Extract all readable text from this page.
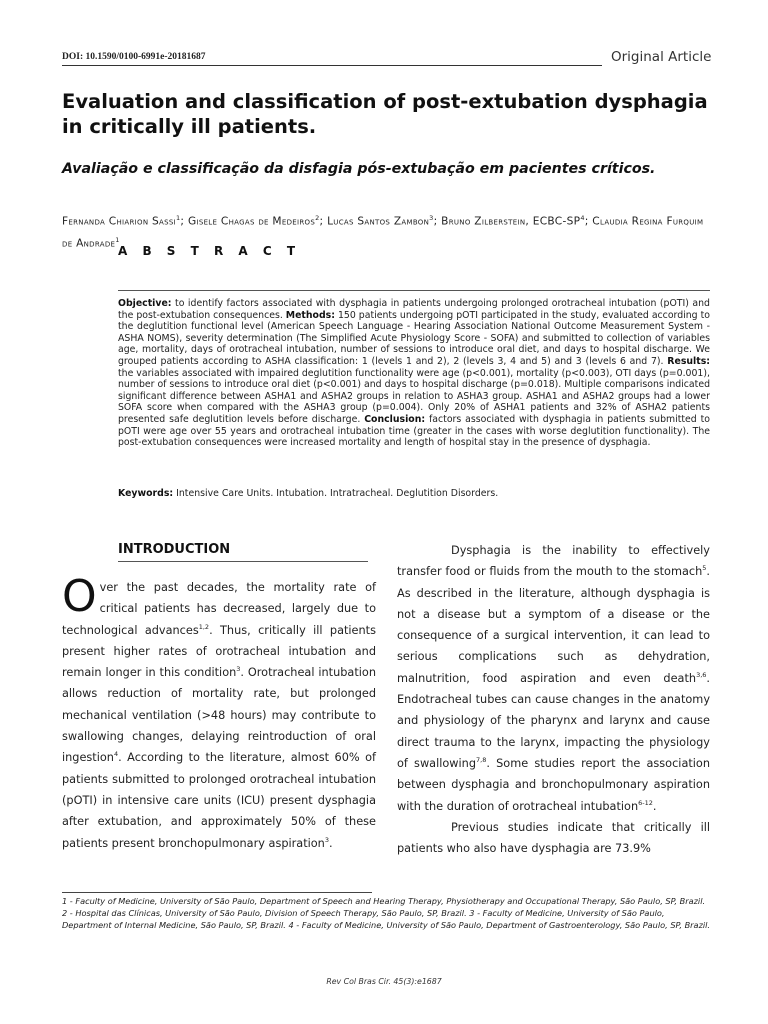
DOI: 10.1590/0100-6991e-20181687	Original Article
Evaluation and classification of post-extubation dysphagia in critically ill patients.
Avaliação e classificação da disfagia pós-extubação em pacientes críticos.
Fernanda Chiarion Sassi$^1$; Gisele Chagas de Medeiros$^2$; Lucas Santos Zambon$^3$; Bruno Zilberstein, ECBC-$SP^4$; Claudia Regina Furquim de Andrade$^1$
A B S T R A C T
Objective: to identify factors associated with dysphagia in patients undergoing prolonged orotracheal intubation (pOTI) and the post-extubation consequences. Methods: 150 patients undergoing pOTI participated in the study, evaluated according to the deglutition functional level (American Speech Language - Hearing Association National Outcome Measurement System - ASHA NOMS), severity determination (The Simplified Acute Physiology Score - SOFA) and submitted to collection of variables age, mortality, days of orotracheal intubation, number of sessions to introduce oral diet, and days to hospital discharge. We grouped patients according to ASHA classification: 1 (levels 1 and 2), 2 (levels 3, 4 and 5) and 3 (levels 6 and 7). Results: the variables associated with impaired deglutition functionality were age (p<0.001), mortality (p<0.003), OTI days (p=0.001), number of sessions to introduce oral diet (p<0.001) and days to hospital discharge (p=0.018). Multiple comparisons indicated significant difference between ASHA1 and ASHA2 groups in relation to ASHA3 group. ASHA1 and ASHA2 groups had a lower SOFA score when compared with the ASHA3 group (p=0.004). Only 20% of ASHA1 patients and 32% of ASHA2 patients presented safe deglutition levels before discharge. Conclusion: factors associated with dysphagia in patients submitted to pOTI were age over 55 years and orotracheal intubation time (greater in the cases with worse deglutition functionality). The post-extubation consequences were increased mortality and length of hospital stay in the presence of dysphagia.
Keywords: Intensive Care Units. Intubation. Intratracheal. Deglutition Disorders.
INTRODUCTION

Over the past decades, the mortality rate of critical patients has decreased, largely due to technological advances$^{1,2}$. Thus, critically ill patients present higher rates of orotracheal intubation and remain longer in this condition$^3$. Orotracheal intubation allows reduction of mortality rate, but prolonged mechanical ventilation (>48 hours) may contribute to swallowing changes, delaying reintroduction of oral ingestion$^4$. According to the literature, almost 60% of patients submitted to prolonged orotracheal intubation (pOTI) in intensive care units (ICU) present dysphagia after extubation, and approximately 50% of these patients present bronchopulmonary aspiration$^3$.

Dysphagia is the inability to effectively transfer food or fluids from the mouth to the stomach$^5$. As described in the literature, although dysphagia is not a disease but a symptom of a disease or the consequence of a surgical intervention, it can lead to serious complications such as dehydration, malnutrition, food aspiration and even death$^{3,6}$. Endotracheal tubes can cause changes in the anatomy and physiology of the pharynx and larynx and cause direct trauma to the larynx, impacting the physiology of swallowing$^{7,8}$. Some studies report the association between dysphagia and bronchopulmonary aspiration with the duration of orotracheal intubation$^{6-12}$.

Previous studies indicate that critically ill patients who also have dysphagia are 73.9%

1 - Faculty of Medicine, University of São Paulo, Department of Speech and Hearing Therapy, Physiotherapy and Occupational Therapy, São Paulo, SP, Brazil. 2 - Hospital das Clínicas, University of São Paulo, Division of Speech Therapy, São Paulo, SP, Brazil. 3 - Faculty of Medicine, University of São Paulo, Department of Internal Medicine, São Paulo, SP, Brazil. 4 - Faculty of Medicine, University of São Paulo, Department of Gastroenterology, São Paulo, SP, Brazil.
Rev Col Bras Cir. 45(3):e1687
